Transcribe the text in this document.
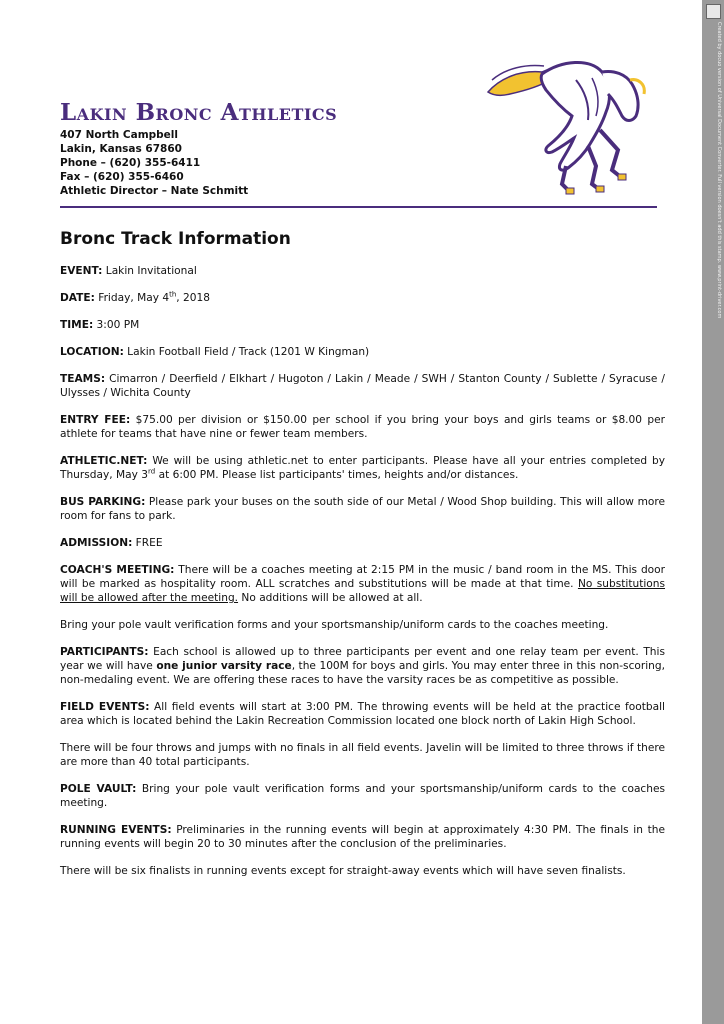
Lakin Bronc Athletics
407 North Campbell
Lakin, Kansas 67860
Phone – (620) 355-6411
Fax – (620) 355-6460
Athletic Director – Nate Schmitt
Bronc Track Information

EVENT: Lakin Invitational

DATE: Friday, May 4th, 2018

TIME: 3:00 PM

LOCATION: Lakin Football Field / Track (1201 W Kingman)

TEAMS: Cimarron / Deerfield / Elkhart / Hugoton / Lakin / Meade / SWH / Stanton County / Sublette / Syracuse / Ulysses / Wichita County

ENTRY FEE: $75.00 per division or $150.00 per school if you bring your boys and girls teams or $8.00 per athlete for teams that have nine or fewer team members.

ATHLETIC.NET: We will be using athletic.net to enter participants. Please have all your entries completed by Thursday, May 3rd at 6:00 PM. Please list participants' times, heights and/or distances.

BUS PARKING: Please park your buses on the south side of our Metal / Wood Shop building. This will allow more room for fans to park.

ADMISSION: FREE

COACH'S MEETING: There will be a coaches meeting at 2:15 PM in the music / band room in the MS. This door will be marked as hospitality room. ALL scratches and substitutions will be made at that time. No substitutions will be allowed after the meeting. No additions will be allowed at all.

Bring your pole vault verification forms and your sportsmanship/uniform cards to the coaches meeting.

PARTICIPANTS: Each school is allowed up to three participants per event and one relay team per event. This year we will have one junior varsity race, the 100M for boys and girls. You may enter three in this non-scoring, non-medaling event. We are offering these races to have the varsity races be as competitive as possible.

FIELD EVENTS: All field events will start at 3:00 PM. The throwing events will be held at the practice football area which is located behind the Lakin Recreation Commission located one block north of Lakin High School.

There will be four throws and jumps with no finals in all field events. Javelin will be limited to three throws if there are more than 40 total participants.

POLE VAULT: Bring your pole vault verification forms and your sportsmanship/uniform cards to the coaches meeting.

RUNNING EVENTS: Preliminaries in the running events will begin at approximately 4:30 PM. The finals in the running events will begin 20 to 30 minutes after the conclusion of the preliminaries.

There will be six finalists in running events except for straight-away events which will have seven finalists.

Created by docuo version of Universal Document Converter. Full version doesn't add this stamp. www.print-driver.com
